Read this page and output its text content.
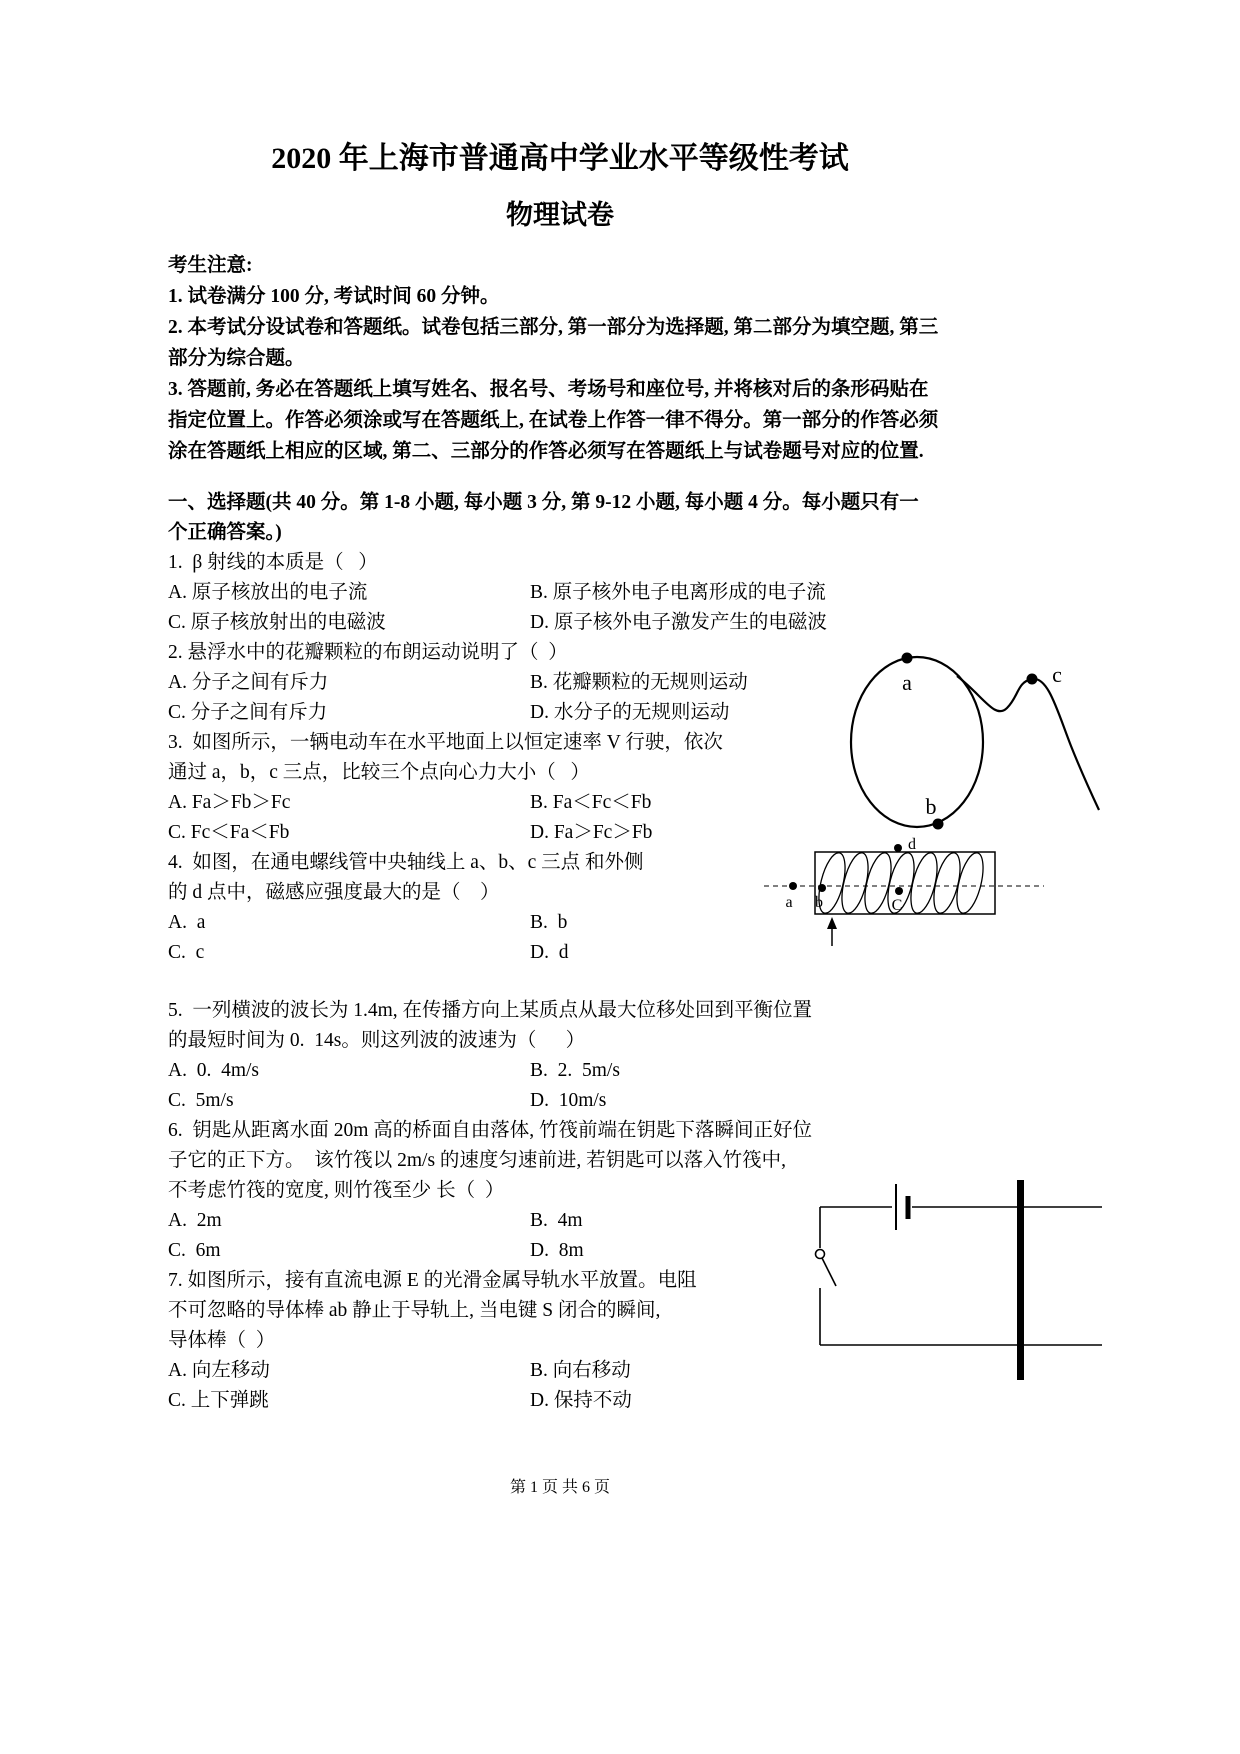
2020 年上海市普通高中学业水平等级性考试
物理试卷
考生注意:
1. 试卷满分 100 分, 考试时间 60 分钟。
2. 本考试分设试卷和答题纸。试卷包括三部分, 第一部分为选择题, 第二部分为填空题, 第三
部分为综合题。
3. 答题前, 务必在答题纸上填写姓名、报名号、考场号和座位号, 并将核对后的条形码贴在
指定位置上。作答必须涂或写在答题纸上, 在试卷上作答一律不得分。第一部分的作答必须
涂在答题纸上相应的区域, 第二、三部分的作答必须写在答题纸上与试卷题号对应的位置.
一、选择题(共 40 分。第 1-8 小题, 每小题 3 分, 第 9-12 小题, 每小题 4 分。每小题只有一
个正确答案。)
1.  β 射线的本质是（   ）
A. 原子核放出的电子流	B. 原子核外电子电离形成的电子流
C. 原子核放射出的电磁波	D. 原子核外电子激发产生的电磁波
2. 悬浮水中的花瓣颗粒的布朗运动说明了（  ）
A. 分子之间有斥力	B. 花瓣颗粒的无规则运动
C. 分子之间有斥力	D. 水分子的无规则运动
3.  如图所示，一辆电动车在水平地面上以恒定速率 V 行驶，依次
通过 a，b，c 三点，比较三个点向心力大小（   ）
A. Fa＞Fb＞Fc	B. Fa＜Fc＜Fb
C. Fc＜Fa＜Fb	D. Fa＞Fc＞Fb
4.  如图，在通电螺线管中央轴线上 a、b、c 三点 和外侧
的 d 点中，磁感应强度最大的是（    ）
A.  a	B.  b
C.  c	D.  d
5.  一列横波的波长为 1.4m, 在传播方向上某质点从最大位移处回到平衡位置
的最短时间为 0.  14s。则这列波的波速为（      ）
A.  0.  4m/s	B.  2.  5m/s
C.  5m/s	D.  10m/s
6.  钥匙从距离水面 20m 高的桥面自由落体, 竹筏前端在钥匙下落瞬间正好位
子它的正下方。  该竹筏以 2m/s 的速度匀速前进, 若钥匙可以落入竹筏中,
不考虑竹筏的宽度, 则竹筏至少 长（  ）
A.  2m	B.  4m
C.  6m	D.  8m
7. 如图所示，接有直流电源 E 的光滑金属导轨水平放置。电阻
不可忽略的导体棒 ab 静止于导轨上, 当电键 S 闭合的瞬间,
导体棒（  ）
A. 向左移动	B. 向右移动
C. 上下弹跳	D. 保持不动
第 1 页 共 6 页
a
b
c
a b	C
d
